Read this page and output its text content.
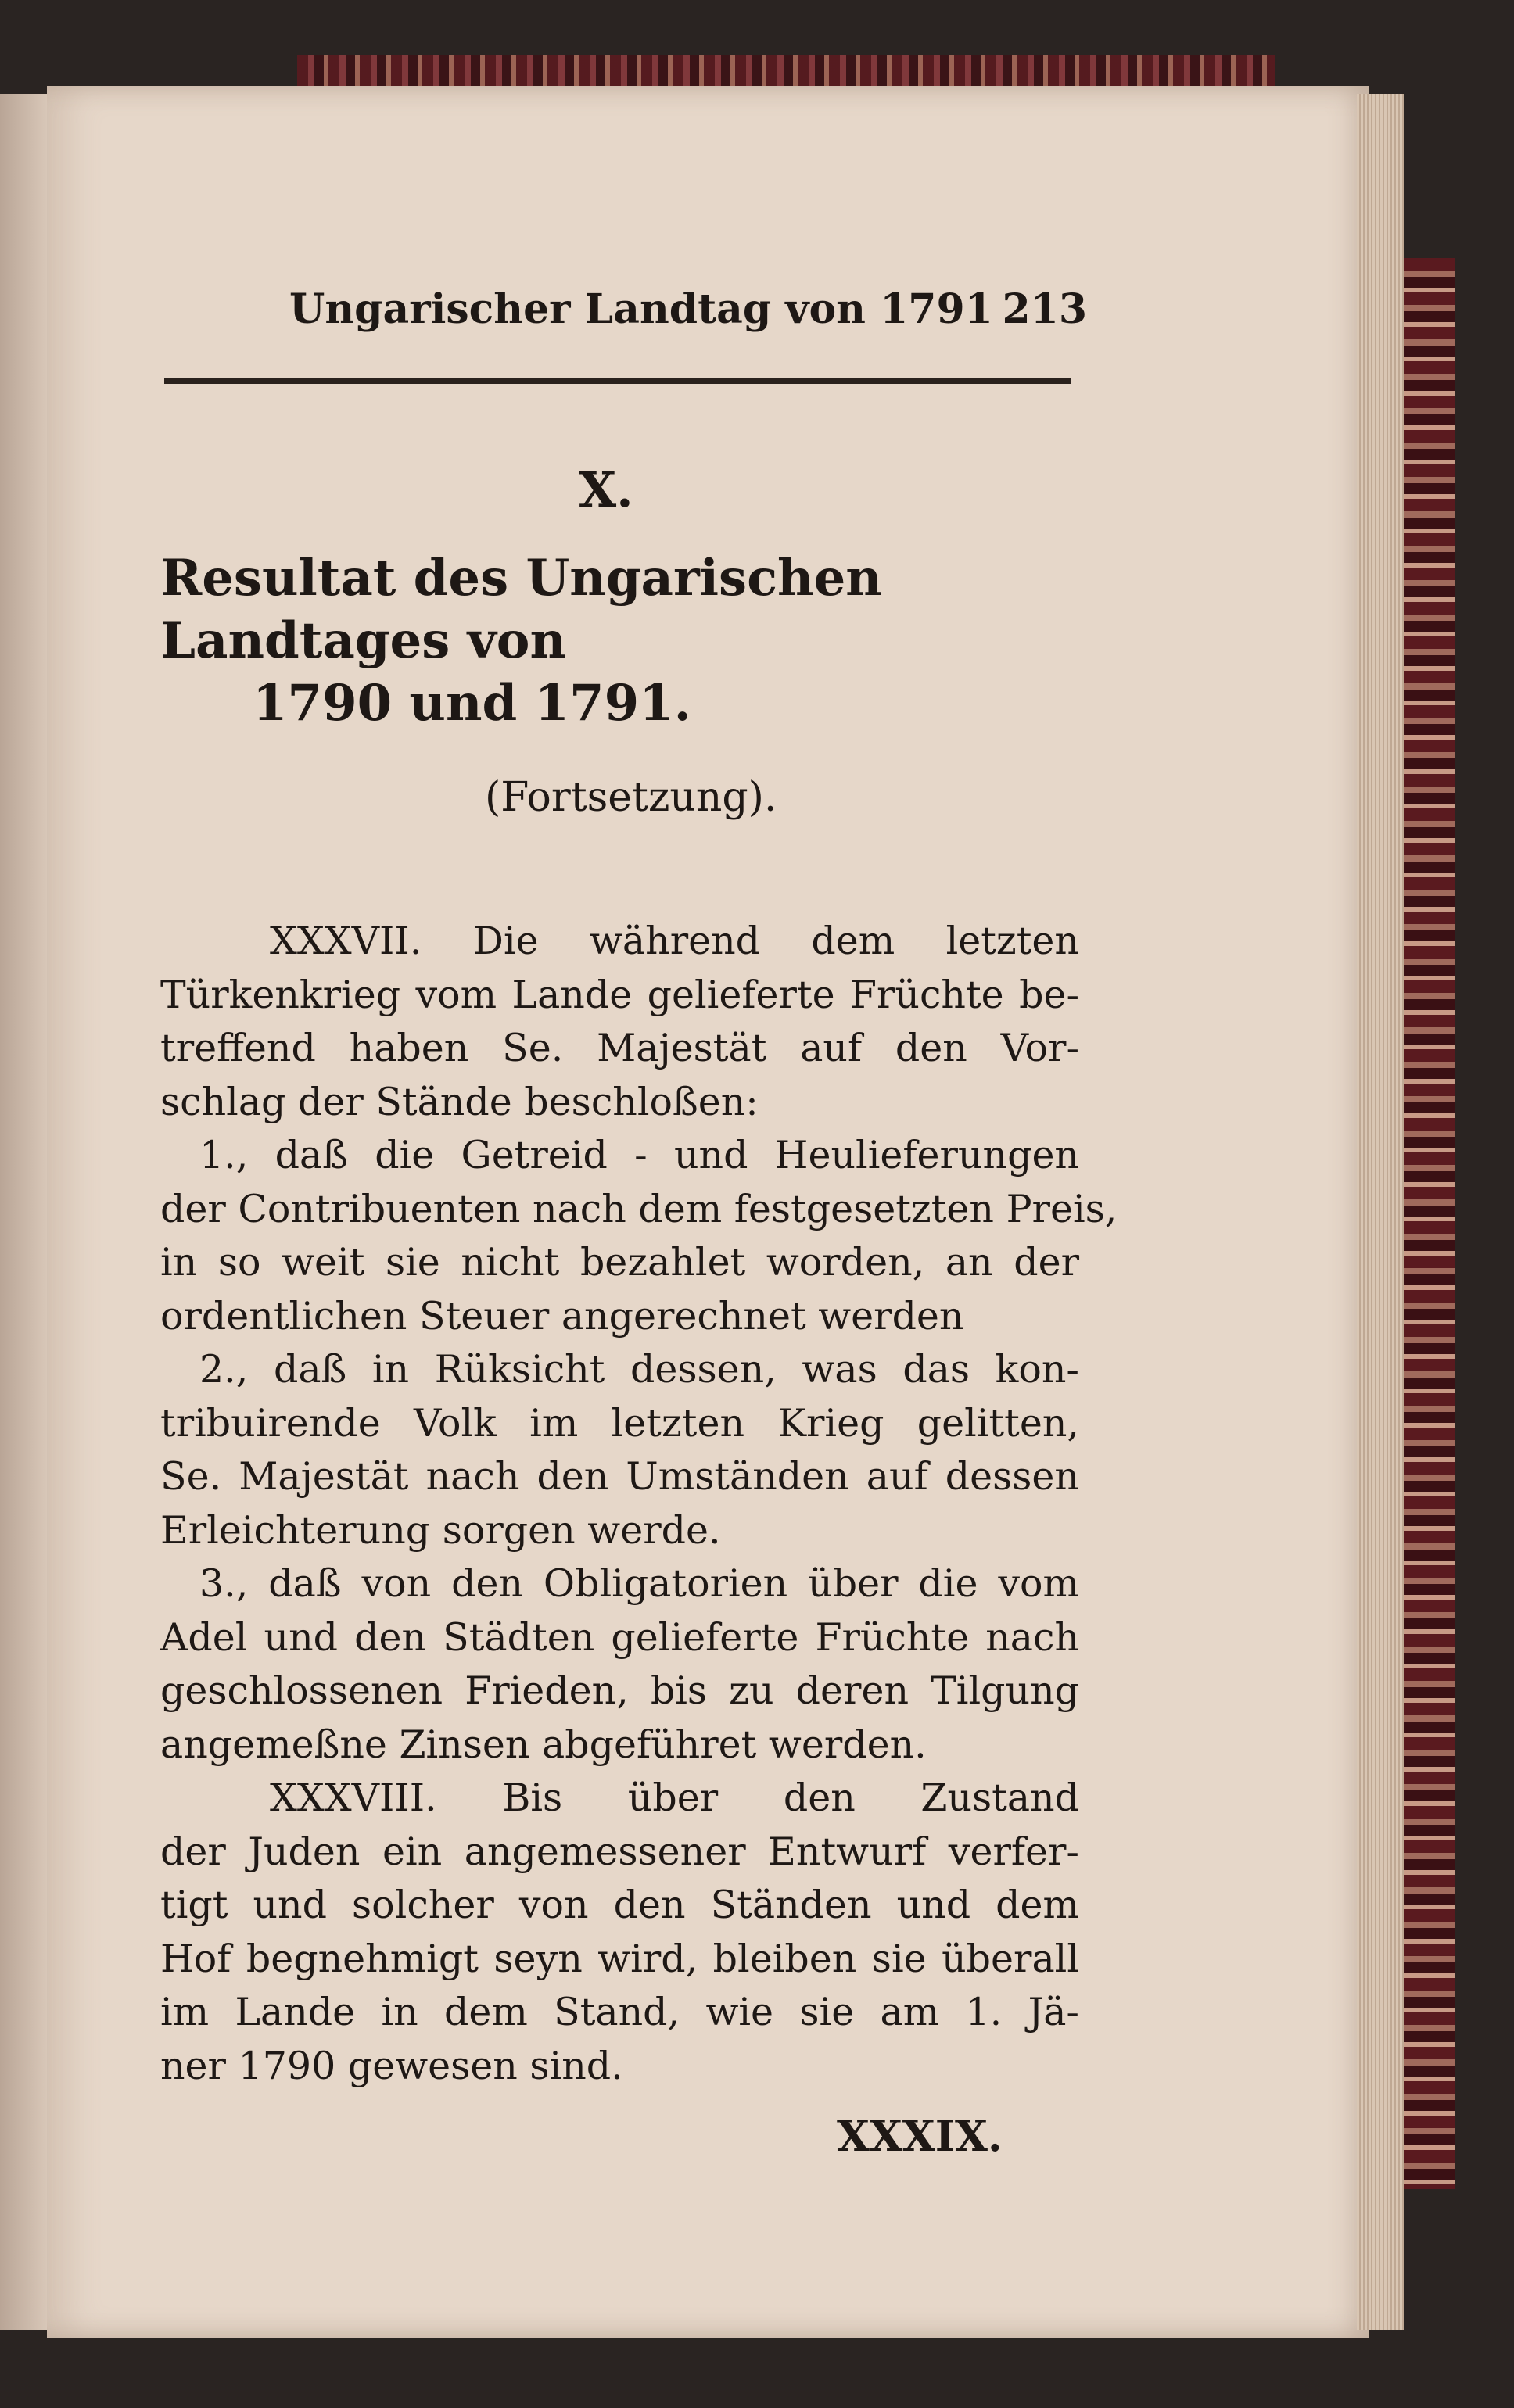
Ungarischer Landtag von 1791 213
X.
Resultat des Ungarischen Landtages von
1790 und 1791.
(Fortsetzung).
XXXVII. Die während dem letzten
Türkenkrieg vom Lande gelieferte Früchte be-
treffend haben Se. Majestät auf den Vor-
schlag der Stände beschloßen:
1., daß die Getreid - und Heulieferungen
der Contribuenten nach dem festgesetzten Preis,
in so weit sie nicht bezahlet worden, an der
ordentlichen Steuer angerechnet werden
2., daß in Rüksicht dessen, was das kon-
tribuirende Volk im letzten Krieg gelitten,
Se. Majestät nach den Umständen auf dessen
Erleichterung sorgen werde.
3., daß von den Obligatorien über die vom
Adel und den Städten gelieferte Früchte nach
geschlossenen Frieden, bis zu deren Tilgung
angemeßne Zinsen abgeführet werden.
XXXVIII. Bis über den Zustand
der Juden ein angemessener Entwurf verfer-
tigt und solcher von den Ständen und dem
Hof begnehmigt seyn wird, bleiben sie überall
im Lande in dem Stand, wie sie am 1. Jä-
ner 1790 gewesen sind.
XXXIX.
